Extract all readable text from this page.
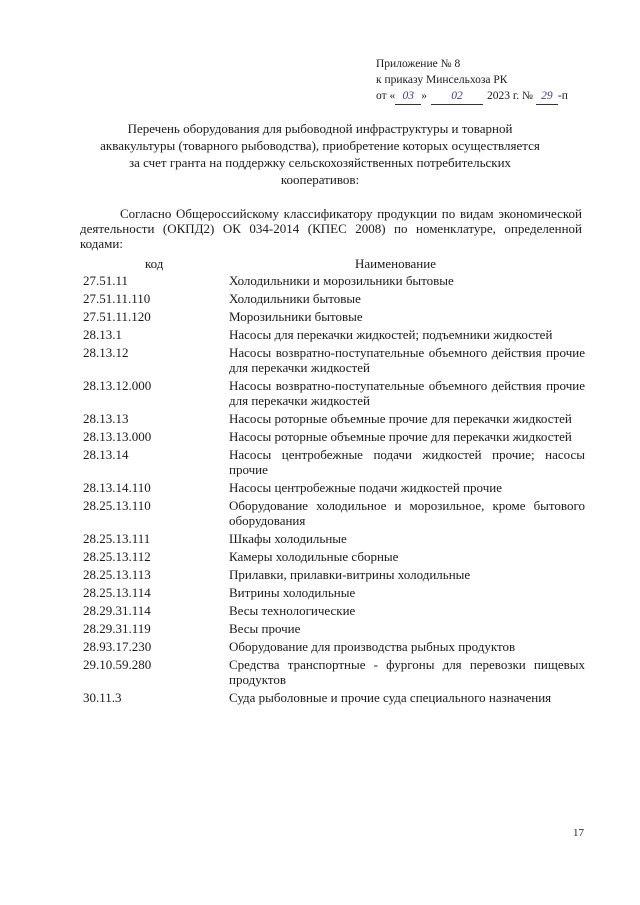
Приложение № 8
к приказу Минсельхоза РК
от « 03 » 02 2023 г. № 29 -п
Перечень оборудования для рыбоводной инфраструктуры и товарной аквакультуры (товарного рыбоводства), приобретение которых осуществляется за счет гранта на поддержку сельскохозяйственных потребительских кооперативов:
Согласно Общероссийскому классификатору продукции по видам экономической деятельности (ОКПД2) ОК 034-2014 (КПЕС 2008) по номенклатуре, определенной кодами:
код	Наименование
27.51.11	Холодильники и морозильники бытовые
27.51.11.110	Холодильники бытовые
27.51.11.120	Морозильники бытовые
28.13.1	Насосы для перекачки жидкостей; подъемники жидкостей
28.13.12	Насосы возвратно-поступательные объемного действия прочие для перекачки жидкостей
28.13.12.000	Насосы возвратно-поступательные объемного действия прочие для перекачки жидкостей
28.13.13	Насосы роторные объемные прочие для перекачки жидкостей
28.13.13.000	Насосы роторные объемные прочие для перекачки жидкостей
28.13.14	Насосы центробежные подачи жидкостей прочие; насосы прочие
28.13.14.110	Насосы центробежные подачи жидкостей прочие
28.25.13.110	Оборудование холодильное и морозильное, кроме бытового оборудования
28.25.13.111	Шкафы холодильные
28.25.13.112	Камеры холодильные сборные
28.25.13.113	Прилавки, прилавки-витрины холодильные
28.25.13.114	Витрины холодильные
28.29.31.114	Весы технологические
28.29.31.119	Весы прочие
28.93.17.230	Оборудование для производства рыбных продуктов
29.10.59.280	Средства транспортные - фургоны для перевозки пищевых продуктов
30.11.3	Суда рыболовные и прочие суда специального назначения
17
